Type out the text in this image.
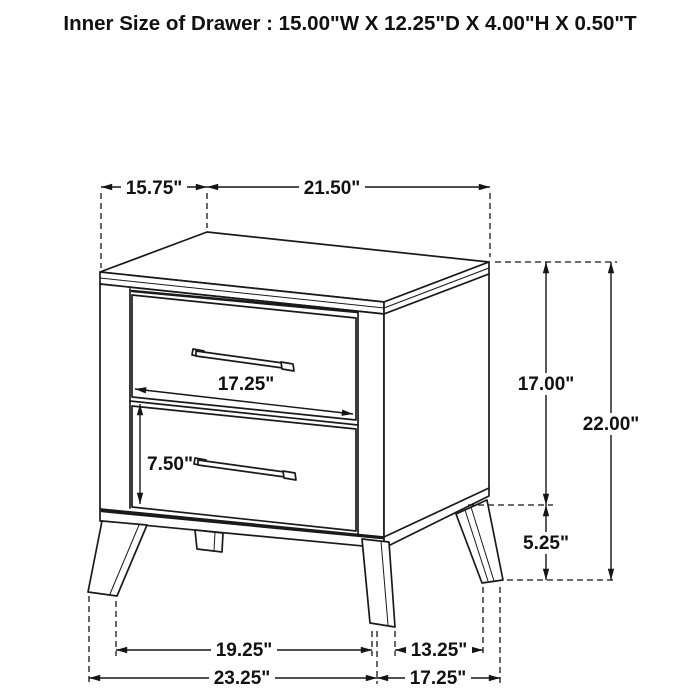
Inner Size of Drawer : 15.00"W X 12.25"D X 4.00"H X 0.50"T
15.75"	21.50"
17.00"
22.00"
5.25"
19.25"	13.25"
23.25"	17.25"
17.25"
7.50"
